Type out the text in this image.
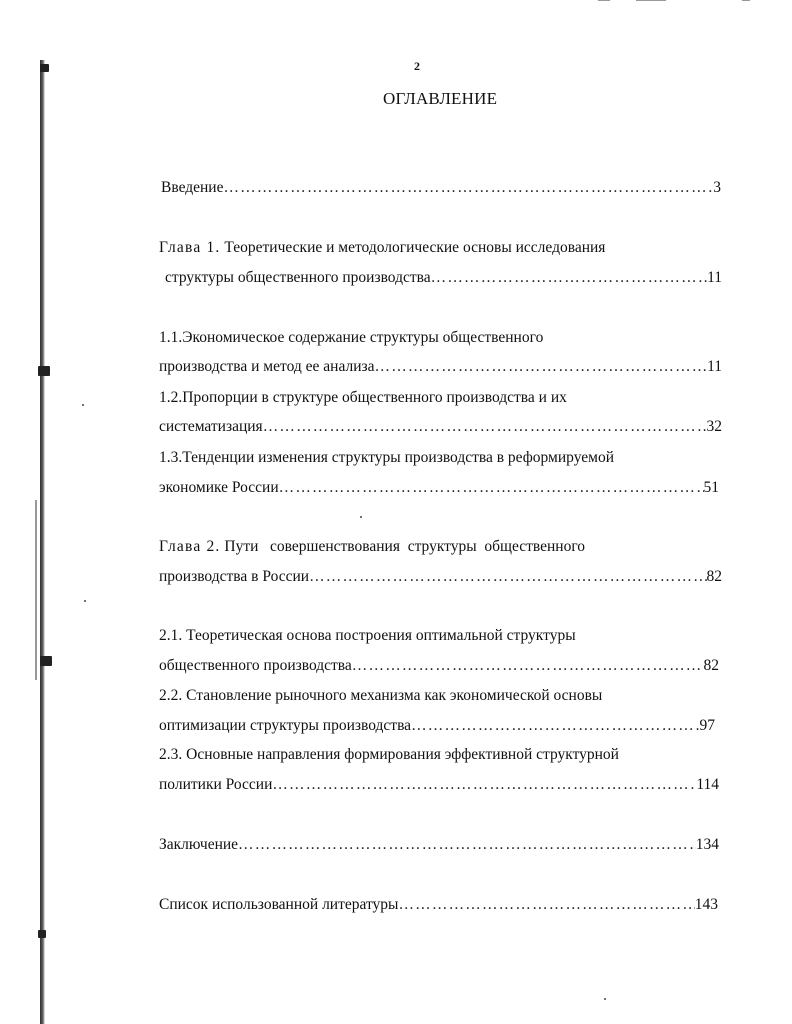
2
ОГЛАВЛЕНИЕ
Введение ………………………………………………………………………………………………………………………………………………………	3
Глава 1. Теоретические и методологические основы исследования
структуры общественного производства ………………………………………………………………………………………………………………………………………………………	11
1.1.Экономическое содержание структуры общественного
производства и метод ее анализа ………………………………………………………………………………………………………………………………………………………	11
1.2.Пропорции в структуре общественного производства и их
систематизация ………………………………………………………………………………………………………………………………………………………	32
1.3.Тенденции изменения структуры производства в реформируемой
экономике России ………………………………………………………………………………………………………………………………………………………	51
Глава 2. Пути   совершенствования  структуры  общественного
производства в России ………………………………………………………………………………………………………………………………………………………	82
2.1. Теоретическая основа построения оптимальной структуры
общественного производства ………………………………………………………………………………………………………………………………………………………	82
2.2. Становление рыночного механизма как экономической основы
оптимизации структуры производства ………………………………………………………………………………………………………………………………………………………	97
2.3. Основные направления формирования эффективной структурной
политики России ………………………………………………………………………………………………………………………………………………………	114
Заключение ………………………………………………………………………………………………………………………………………………………	134
Список использованной литературы ………………………………………………………………………………………………………………………………………………………	143
